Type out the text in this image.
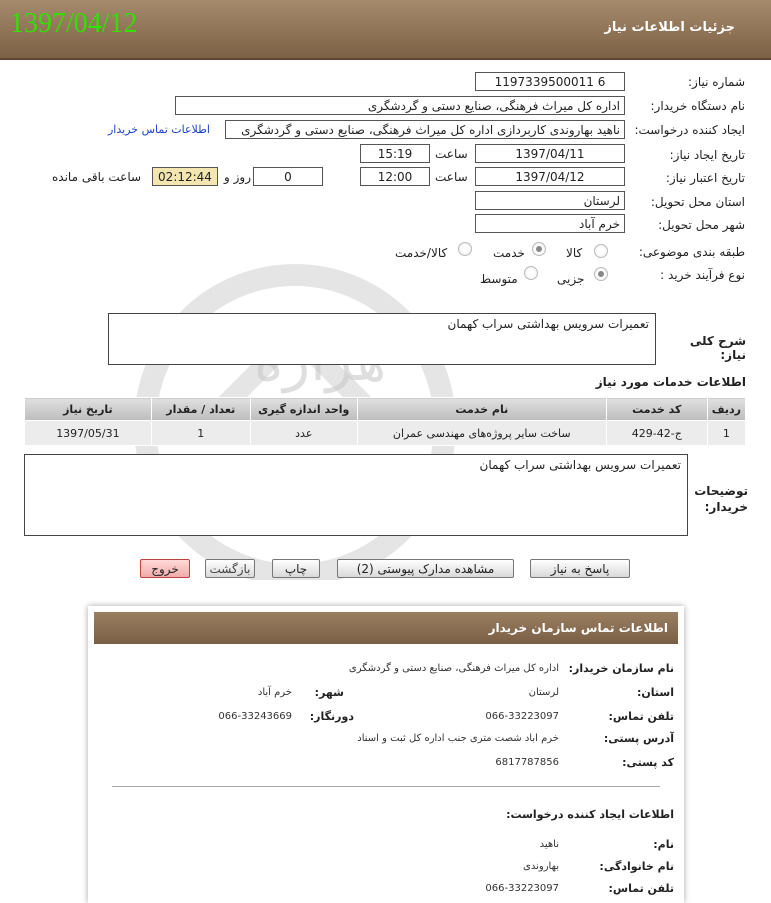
1397/04/12	جزئیات اطلاعات نیاز
شماره نیاز:
1197339500011 6
نام دستگاه خریدار:
اداره کل میراث فرهنگی، صنایع دستی و گردشگری
ایجاد کننده درخواست:
ناهید بهاروندی کاربردازی اداره کل میراث فرهنگی، صنایع دستی و گردشگری
اطلاعات تماس خریدار
تاریخ ایجاد نیاز:
1397/04/11
ساعت
15:19
تاریخ اعتبار نیاز:
1397/04/12
ساعت
12:00
0
روز و
02:12:44
ساعت باقی مانده
استان محل تحویل:
لرستان
شهر محل تحویل:
خرم آباد
طبقه بندی موضوعی:
کالا
خدمت
کالا/خدمت
نوع فرآیند خرید :
جزیی
متوسط
تعمیرات سرویس بهداشتی سراب کهمان
شرح کلی نیاز:
اطلاعات خدمات مورد نیاز
ردیف	کد خدمت	نام خدمت	واحد اندازه گیری	تعداد / مقدار	تاریخ نیاز
1	ج-42-429	ساخت سایر پروژه‌های مهندسی عمران	عدد	1	1397/05/31
تعمیرات سرویس بهداشتی سراب کهمان
توضیحات خریدار:
پاسخ به نیاز
مشاهده مدارک پیوستی (2)
چاپ
بازگشت
خروج
اطلاعات تماس سازمان خریدار
نام سازمان خریدار:
اداره کل میراث فرهنگی، صنایع دستی و گردشگری
استان:
لرستان
شهر:
خرم آباد
تلفن تماس:
066-33223097
دورنگار:
066-33243669
آدرس پستی:
خرم اباد شصت متری جنب اداره کل ثبت و اسناد
کد پستی:
6817787856
اطلاعات ایجاد کننده درخواست:
نام:
ناهید
نام خانوادگی:
بهاروندی
تلفن تماس:
066-33223097
